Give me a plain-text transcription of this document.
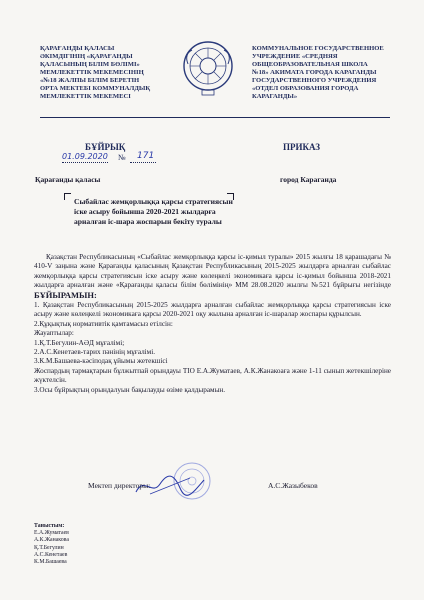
ҚАРАҒАНДЫ ҚАЛАСЫ
ӘКІМДІГІНІҢ «ҚАРАҒАНДЫ
ҚАЛАСЫНЫҢ БІЛІМ БӨЛІМІ»
МЕМЛЕКЕТТІК МЕКЕМЕСІНІҢ
«№18 ЖАЛПЫ БІЛІМ БЕРЕТІН
ОРТА МЕКТЕБІ КОММУНАЛДЫҚ
МЕМЛЕКЕТТІК МЕКЕМЕСІ
КОММУНАЛЬНОЕ ГОСУДАРСТВЕННОЕ
УЧРЕЖДЕНИЕ «СРЕДНЯЯ
ОБЩЕОБРАЗОВАТЕЛЬНАЯ ШКОЛА
№18» АКИМАТА ГОРОДА КАРАГАНДЫ
ГОСУДАРСТВЕННОГО УЧРЕЖДЕНИЯ
«ОТДЕЛ ОБРАЗОВАНИЯ ГОРОДА
КАРАГАНДЫ»
БҰЙРЫҚ	ПРИКАЗ
01.09.2020 № 171
Қарағанды қаласы	город Караганда
Сыбайлас жемқорлыққа қарсы стратегиясын іске асыру бойынша 2020-2021 жылдарға арналған іс-шара жоспарын бекіту туралы

Қазақстан Республикасының «Сыбайлас жемқорлыққа қарсы іс-қимыл туралы» 2015 жылғы 18 қарашадағы № 410-V заңына және Қарағанды қаласының Қазақстан Республикасының 2015-2025 жылдарға арналған сыбайлас жемқорлыққа қарсы стратегиясын іске асыру және көлеңкелі экономикаға қарсы іс-қимыл бойынша 2018-2021 жылдарға арналған және «Қарағанды қаласы білім бөлімінің» ММ 28.08.2020 жылғы №521 бұйрығы негізінде БҰЙЫРАМЫН:

1. Қазақстан Республикасының 2015-2025 жылдарға арналған сыбайлас жемқорлыққа қарсы стратегиясын іске асыру және көлеңкелі экономикаға қарсы 2020-2021 оқу жылына арналған іс-шаралар жоспары құрылсын.

2.Құқықтық нормативтік қамтамасыз етілсін:

Жауаптылар:

1.Қ.Т.Бегулин-АӘД мұғалімі;

2.А.С.Кенетаев-тарих пәнінің мұғалімі.

3.К.М.Башаева-кәсіподақ ұйымы жетекшісі

Жоспардың тармақтарын бұлжытпай орындауы ТІО Е.А.Жуматаев, А.К.Жанакоаға және 1-11 сынып жетекшілеріне жүктелсін.

3.Осы бұйрықтың орындалуын бақылауды өзіме қалдырамын.

Мектеп директоры:	А.С.Жазыбеков
Таныстым:
Е.А.Жуматаев
А.К.Жанакова
Қ.Т.Бегулин
А.С.Кенетаев
К.М.Башаева
